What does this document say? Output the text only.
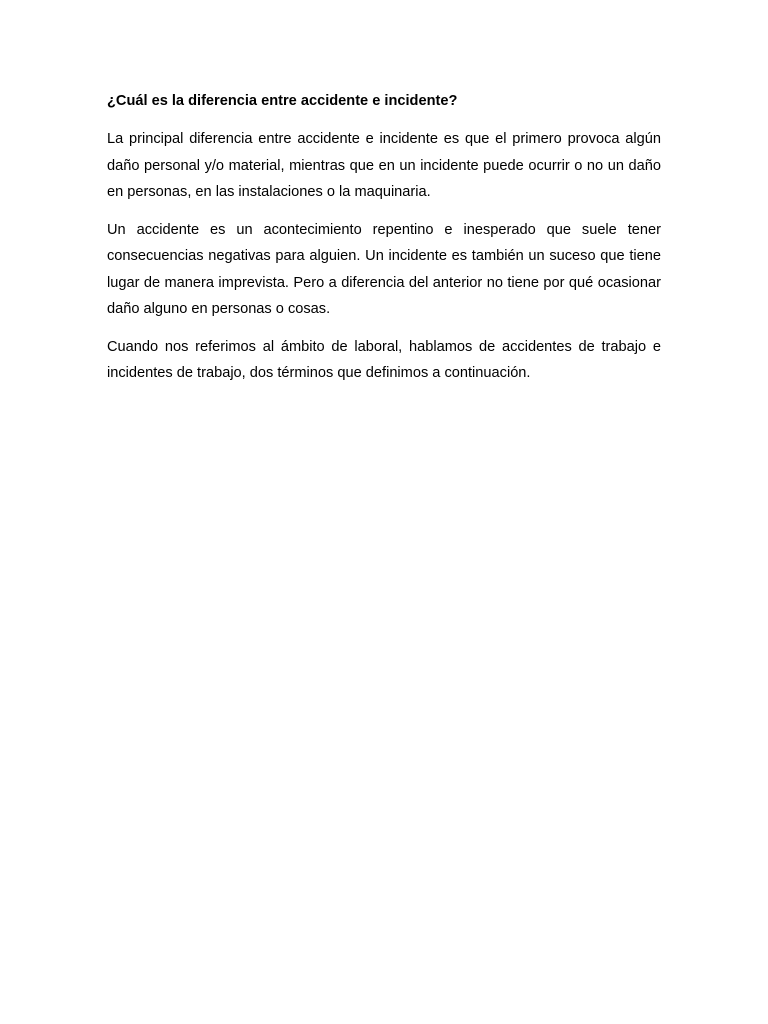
¿Cuál es la diferencia entre accidente e incidente?

La principal diferencia entre accidente e incidente es que el primero provoca algún daño personal y/o material, mientras que en un incidente puede ocurrir o no un daño en personas, en las instalaciones o la maquinaria.

Un accidente es un acontecimiento repentino e inesperado que suele tener consecuencias negativas para alguien. Un incidente es también un suceso que tiene lugar de manera imprevista. Pero a diferencia del anterior no tiene por qué ocasionar daño alguno en personas o cosas.

Cuando nos referimos al ámbito de laboral, hablamos de accidentes de trabajo e incidentes de trabajo, dos términos que definimos a continuación.
